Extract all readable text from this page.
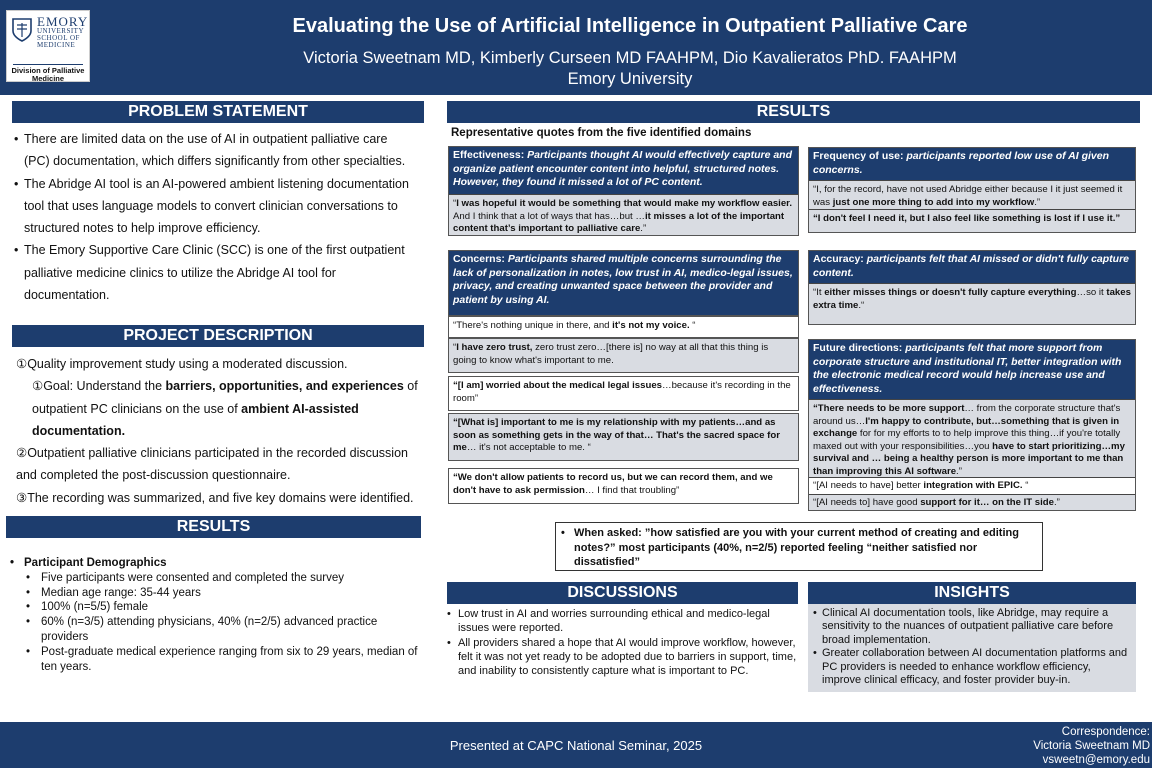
EMORY
UNIVERSITY
SCHOOL OF
MEDICINE
Division of Palliative Medicine
Evaluating the Use of Artificial Intelligence in Outpatient Palliative Care
Victoria Sweetnam MD, Kimberly Curseen MD FAAHPM, Dio Kavalieratos PhD. FAAHPM
Emory University
PROBLEM STATEMENT
• There are limited data on the use of AI in outpatient palliative care (PC) documentation, which differs significantly from other specialties.
• The Abridge AI tool is an AI-powered ambient listening documentation tool that uses language models to convert clinician conversations to structured notes to help improve efficiency.
• The Emory Supportive Care Clinic (SCC) is one of the first outpatient palliative medicine clinics to utilize the Abridge AI tool for documentation.
PROJECT DESCRIPTION
①Quality improvement study using a moderated discussion.
①Goal: Understand the barriers, opportunities, and experiences of outpatient PC clinicians on the use of ambient AI-assisted documentation.
②Outpatient palliative clinicians participated in the recorded discussion and completed the post-discussion questionnaire.
③The recording was summarized, and five key domains were identified.
RESULTS
• Participant Demographics
• Five participants were consented and completed the survey
• Median age range: 35-44 years
• 100% (n=5/5) female
• 60% (n=3/5) attending physicians, 40% (n=2/5) advanced practice providers
• Post-graduate medical experience ranging from six to 29 years, median of ten years.
RESULTS
Representative quotes from the five identified domains
Effectiveness: Participants thought AI would effectively capture and organize patient encounter content into helpful, structured notes. However, they found it missed a lot of PC content.
“I was hopeful it would be something that would make my workflow easier. And I think that a lot of ways that has…but …it misses a lot of the important content that’s important to palliative care.”
Frequency of use: participants reported low use of AI given concerns.
“I, for the record, have not used Abridge either because I it just seemed it was just one more thing to add into my workflow.”
“I don't feel I need it, but I also feel like something is lost if I use it.”
Concerns: Participants shared multiple concerns surrounding the lack of personalization in notes, low trust in AI, medico-legal issues, privacy, and creating unwanted space between the provider and patient by using AI.
“There's nothing unique in there, and it's not my voice. “
“I have zero trust, zero trust zero…[there is] no way at all that this thing is going to know what's important to me.
“[I am] worried about the medical legal issues…because it's recording in the room”
“[What is] important to me is my relationship with my patients…and as soon as something gets in the way of that… That's the sacred space for me… it's not acceptable to me. “
“We don't allow patients to record us, but we can record them, and we don't have to ask permission… I find that troubling”
Accuracy: participants felt that AI missed or didn't fully capture content.
“It either misses things or doesn't fully capture everything…so it takes extra time.“
Future directions: participants felt that more support from corporate structure and institutional IT, better integration with the electronic medical record would help increase use and effectiveness.
“There needs to be more support… from the corporate structure that's around us…I'm happy to contribute, but…something that is given in exchange for for my efforts to to help improve this thing…if you're totally maxed out with your responsibilities…you have to start prioritizing…my survival and … being a healthy person is more important to me than than improving this AI software.”
“[AI needs to have] better integration with EPIC. “
“[AI needs to] have good support for it… on the IT side.”
• When asked: ”how satisfied are you with your current method of creating and editing notes?” most participants (40%, n=2/5) reported feeling “neither satisfied nor dissatisfied”
DISCUSSIONS
• Low trust in AI and worries surrounding ethical and medico-legal issues were reported.
• All providers shared a hope that AI would improve workflow, however, felt it was not yet ready to be adopted due to barriers in support, time, and inability to consistently capture what is important to PC.
INSIGHTS
• Clinical AI documentation tools, like Abridge, may require a sensitivity to the nuances of outpatient palliative care before broad implementation.
• Greater collaboration between AI documentation platforms and PC providers is needed to enhance workflow efficiency, improve clinical efficacy, and foster provider buy-in.
Presented at CAPC National Seminar, 2025
Correspondence:
Victoria Sweetnam MD
vsweetn@emory.edu
